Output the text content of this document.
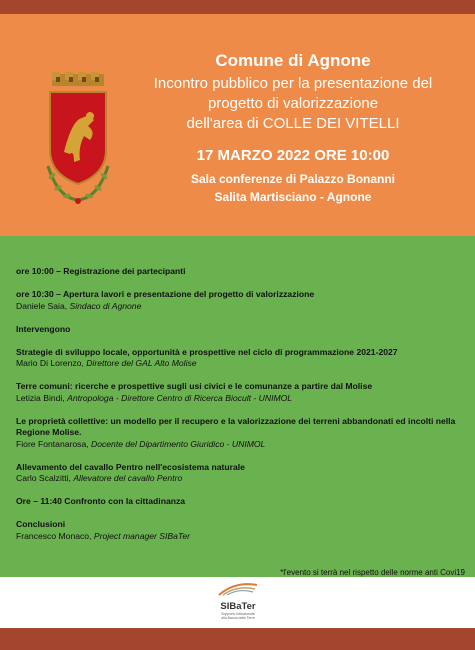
Comune di Agnone
Incontro pubblico per la presentazione del
progetto di valorizzazione
dell'area di COLLE DEI VITELLI
17 MARZO 2022 ORE 10:00
Sala conferenze di Palazzo Bonanni
Salita Martisciano - Agnone
ore 10:00 – Registrazione dei partecipanti
ore 10:30 – Apertura lavori e presentazione del progetto di valorizzazione
Daniele Saia, Sindaco di Agnone
Intervengono
Strategie di sviluppo locale, opportunità e prospettive nel ciclo di programmazione 2021-2027
Mario Di Lorenzo, Direttore del GAL Alto Molise
Terre comuni: ricerche e prospettive sugli usi civici e le comunanze a partire dal Molise
Letizia Bindi, Antropologa - Direttore Centro di Ricerca Biocult - UNIMOL
Le proprietà collettive: un modello per il recupero e la valorizzazione dei terreni abbandonati ed incolti nella Regione Molise.
Fiore Fontanarosa, Docente del Dipartimento Giuridico - UNIMOL
Allevamento del cavallo Pentro nell'ecosistema naturale
Carlo Scalzitti, Allevatore del cavallo Pentro
Ore – 11:40 Confronto con la cittadinanza
Conclusioni
Francesco Monaco, Project manager SIBaTer
*l'evento si terrà nel rispetto delle norme anti Covi19
SIBaTer
Supporto Istituzionale
alla Banca delle Terre
